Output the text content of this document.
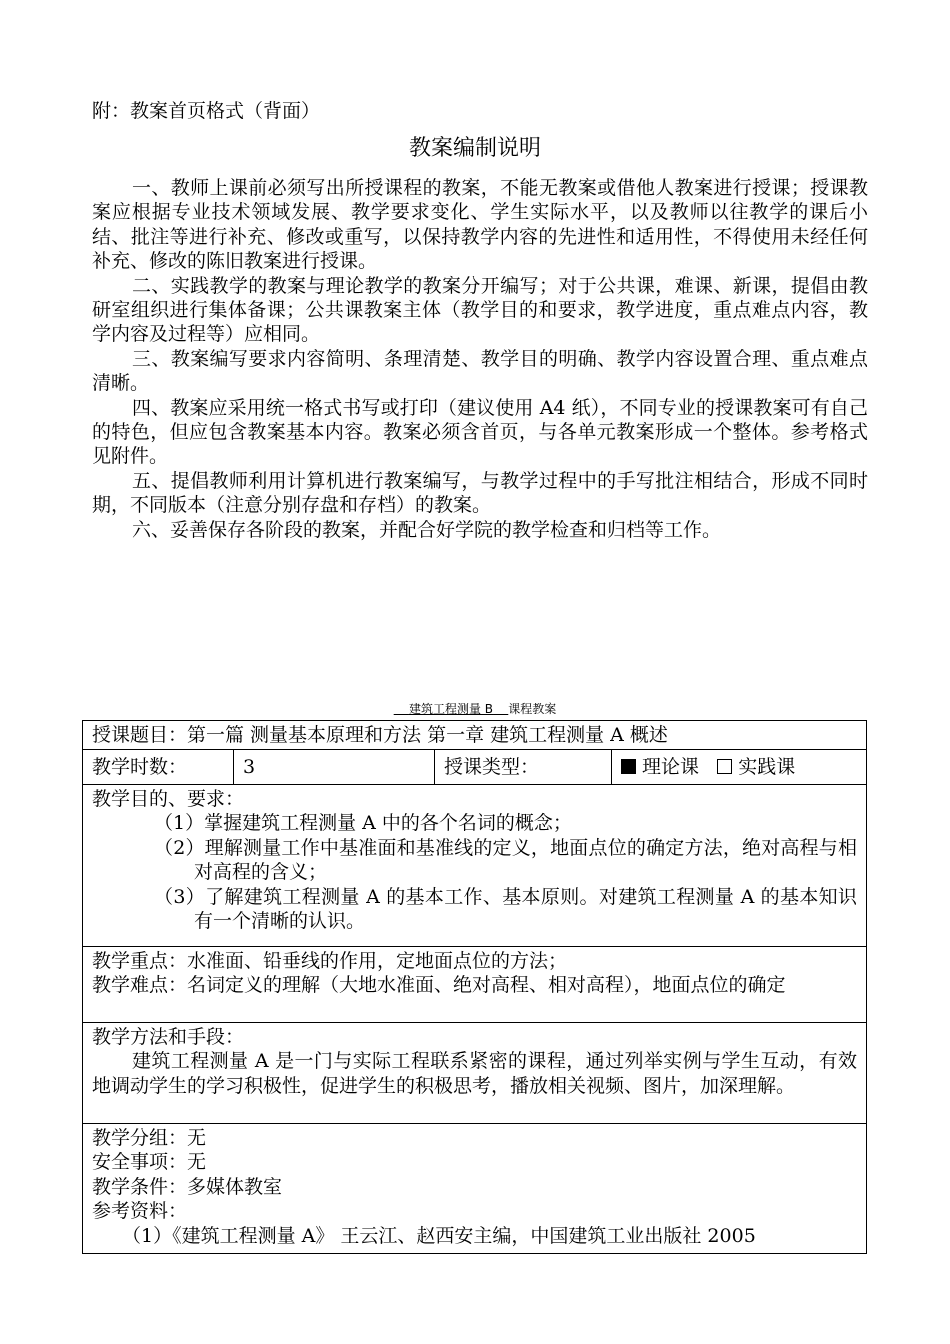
附：教案首页格式（背面）
教案编制说明

一、教师上课前必须写出所授课程的教案，不能无教案或借他人教案进行授课；授课教案应根据专业技术领域发展、教学要求变化、学生实际水平，以及教师以往教学的课后小结、批注等进行补充、修改或重写，以保持教学内容的先进性和适用性，不得使用未经任何补充、修改的陈旧教案进行授课。

二、实践教学的教案与理论教学的教案分开编写；对于公共课，难课、新课，提倡由教研室组织进行集体备课；公共课教案主体（教学目的和要求，教学进度，重点难点内容，教学内容及过程等）应相同。

三、教案编写要求内容简明、条理清楚、教学目的明确、教学内容设置合理、重点难点清晰。

四、教案应采用统一格式书写或打印（建议使用 A4 纸），不同专业的授课教案可有自己的特色，但应包含教案基本内容。教案必须含首页，与各单元教案形成一个整体。参考格式见附件。

五、提倡教师利用计算机进行教案编写，与教学过程中的手写批注相结合，形成不同时期，不同版本（注意分别存盘和存档）的教案。

六、妥善保存各阶段的教案，并配合好学院的教学检查和归档等工作。

建筑工程测量 B 课程教案
授课题目：第一篇 测量基本原理和方法 第一章 建筑工程测量 A 概述
教学时数：	3	授课类型：	理论课 实践课

教学目的、要求：

（1）掌握建筑工程测量 A 中的各个名词的概念；

（2）理解测量工作中基准面和基准线的定义，地面点位的确定方法，绝对高程与相对高程的含义；

（3）了解建筑工程测量 A 的基本工作、基本原则。对建筑工程测量 A 的基本知识有一个清晰的认识。

教学重点：水准面、铅垂线的作用，定地面点位的方法；

教学难点：名词定义的理解（大地水准面、绝对高程、相对高程），地面点位的确定

教学方法和手段：

建筑工程测量 A 是一门与实际工程联系紧密的课程，通过列举实例与学生互动，有效地调动学生的学习积极性，促进学生的积极思考，播放相关视频、图片，加深理解。

教学分组：无

安全事项：无

教学条件：多媒体教室

参考资料：

（1）《建筑工程测量 A》 王云江、赵西安主编，中国建筑工业出版社 2005
